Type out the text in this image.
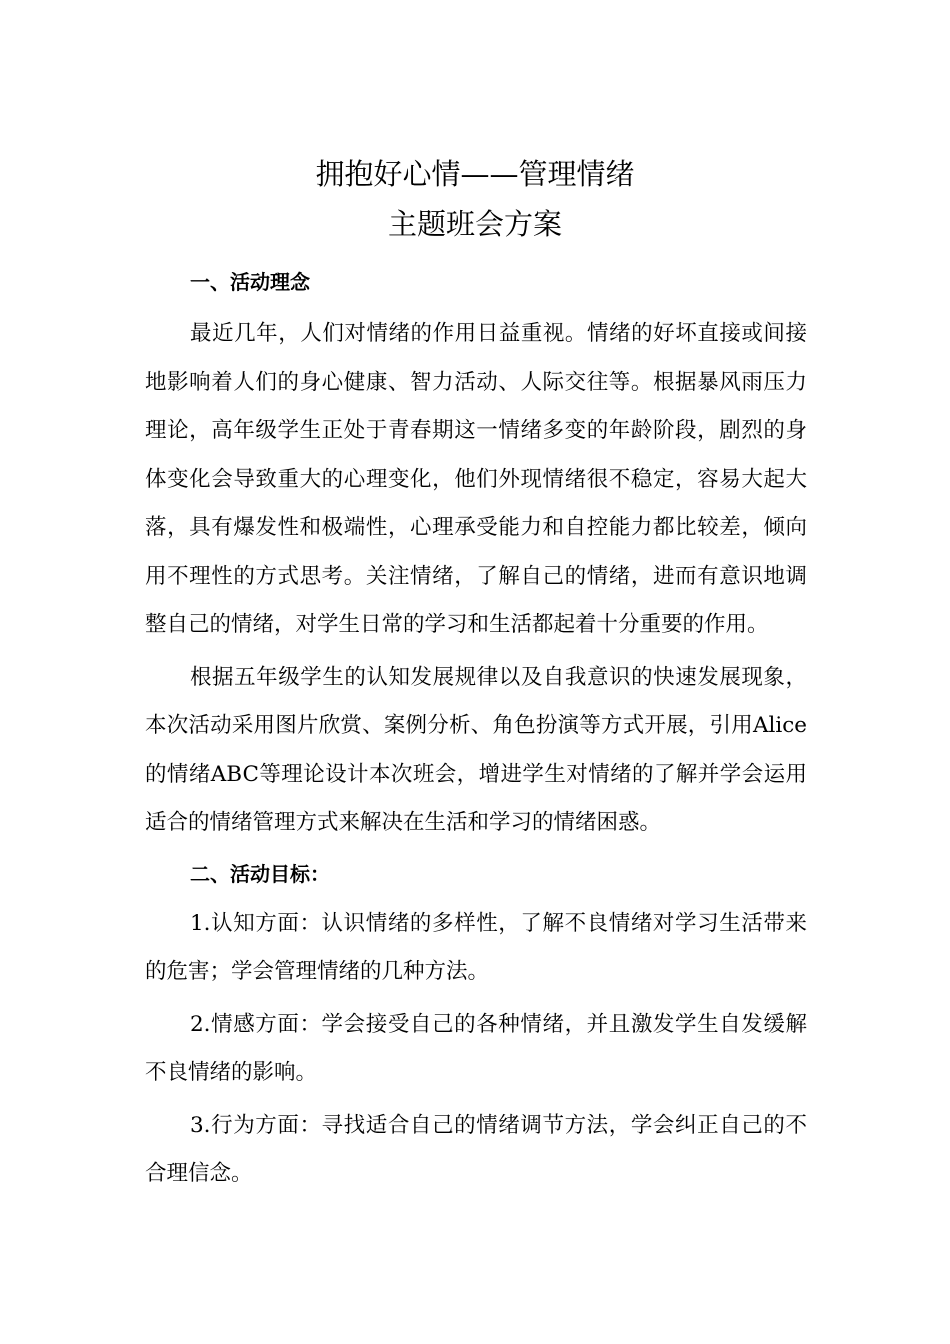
拥抱好心情——管理情绪
主题班会方案

一、活动理念

最近几年，人们对情绪的作用日益重视。情绪的好坏直接或间接地影响着人们的身心健康、智力活动、人际交往等。根据暴风雨压力理论，高年级学生正处于青春期这一情绪多变的年龄阶段，剧烈的身体变化会导致重大的心理变化，他们外现情绪很不稳定，容易大起大落，具有爆发性和极端性，心理承受能力和自控能力都比较差，倾向用不理性的方式思考。关注情绪，了解自己的情绪，进而有意识地调整自己的情绪，对学生日常的学习和生活都起着十分重要的作用。

根据五年级学生的认知发展规律以及自我意识的快速发展现象，本次活动采用图片欣赏、案例分析、角色扮演等方式开展，引用Alice的情绪ABC等理论设计本次班会，增进学生对情绪的了解并学会运用适合的情绪管理方式来解决在生活和学习的情绪困惑。

二、活动目标：

1.认知方面：认识情绪的多样性，了解不良情绪对学习生活带来的危害；学会管理情绪的几种方法。

2.情感方面：学会接受自己的各种情绪，并且激发学生自发缓解不良情绪的影响。

3.行为方面：寻找适合自己的情绪调节方法，学会纠正自己的不合理信念。
